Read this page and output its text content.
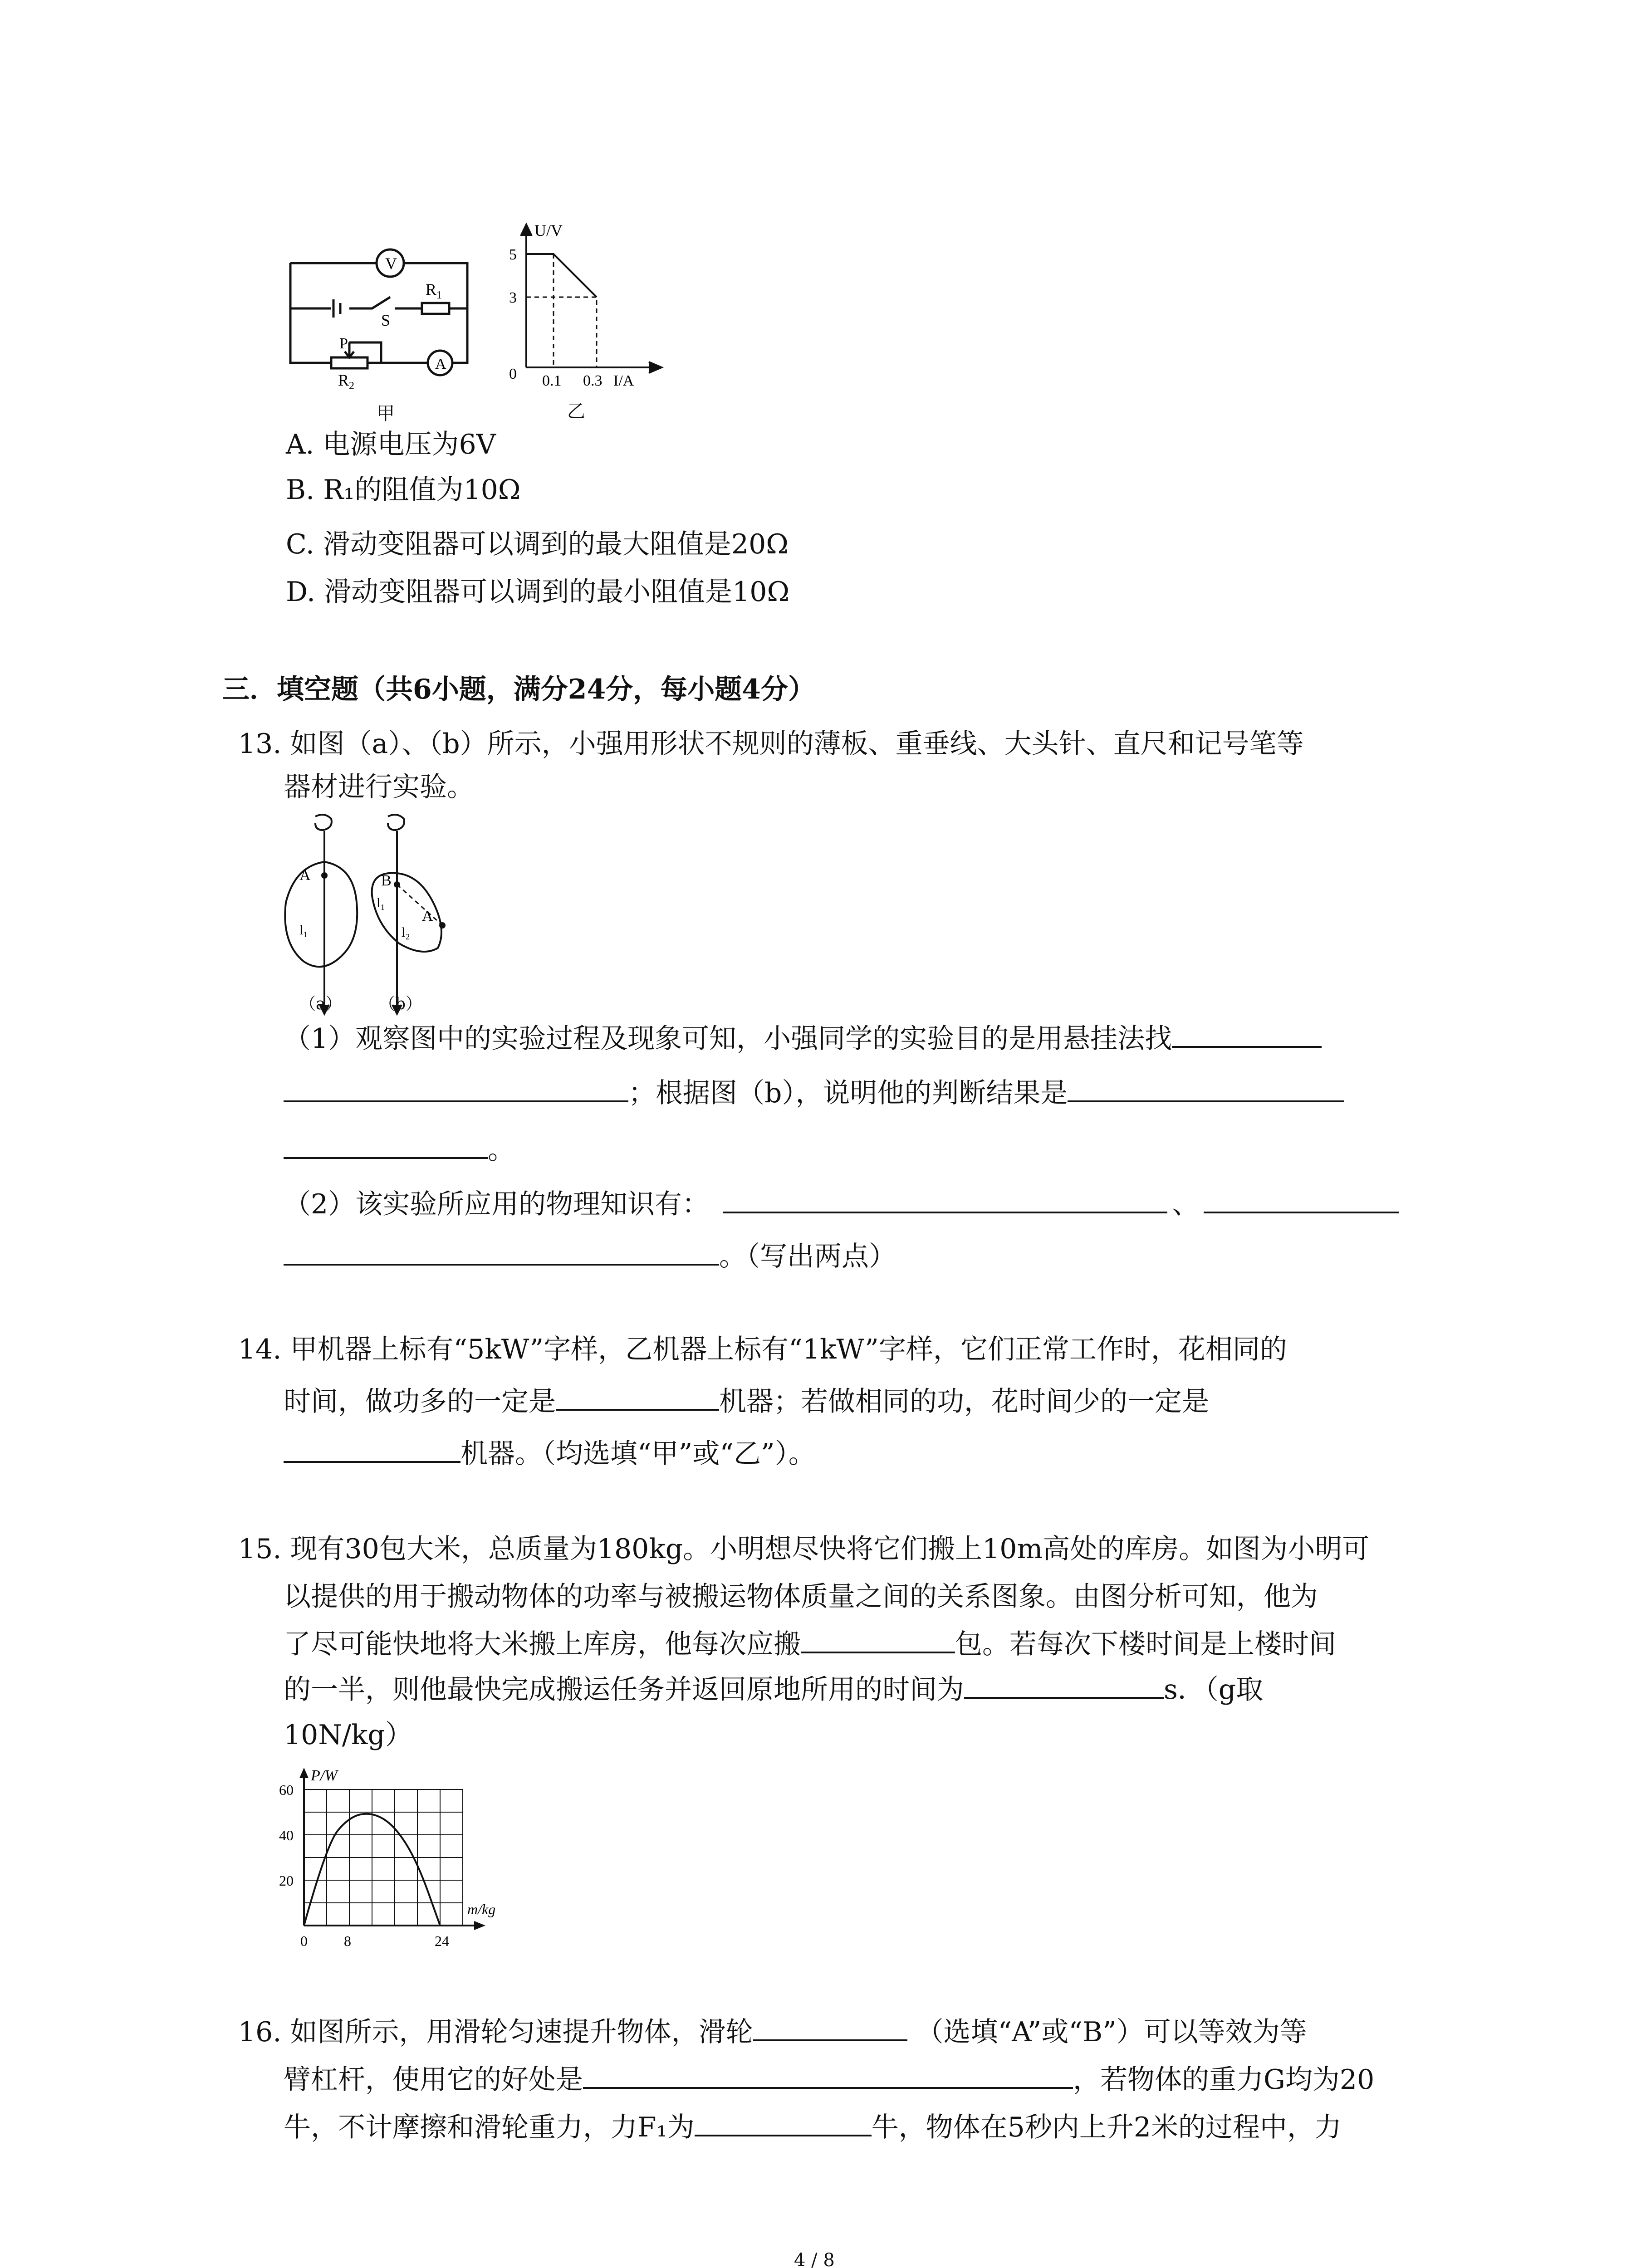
V
A
S
$R_1$
P
$R_2$
甲
U/V
5
3
0 0.1 0.3 I/A
乙
A. 电源电压为6V
B. R₁的阻值为10Ω
C. 滑动变阻器可以调到的最大阻值是20Ω
D. 滑动变阻器可以调到的最小阻值是10Ω
三．填空题（共6小题，满分24分，每小题4分）
13. 如图（a）、（b）所示，小强用形状不规则的薄板、重垂线、大头针、直尺和记号笔等
器材进行实验。
A
l₁
B
l₁
A
l₂
（a） （b）
（1）观察图中的实验过程及现象可知，小强同学的实验目的是用悬挂法找
；根据图（b），说明他的判断结果是
。
（2）该实验所应用的物理知识有：	、
。（写出两点）
14. 甲机器上标有“5kW”字样，乙机器上标有“1kW”字样，它们正常工作时，花相同的
时间，做功多的一定是	机器；若做相同的功，花时间少的一定是
机器。（均选填“甲”或“乙”）。
15. 现有30包大米，总质量为180kg。小明想尽快将它们搬上10m高处的库房。如图为小明可
以提供的用于搬动物体的功率与被搬运物体质量之间的关系图象。由图分析可知，他为
了尽可能快地将大米搬上库房，他每次应搬	包。若每次下楼时间是上楼时间
的一半，则他最快完成搬运任务并返回原地所用的时间为	s．（g取
10N/kg）
P/W
m/kg
60
40
20
0	8	24
16. 如图所示，用滑轮匀速提升物体，滑轮	（选填“A”或“B”）可以等效为等
臂杠杆，使用它的好处是	，若物体的重力G均为20
牛，不计摩擦和滑轮重力，力F₁为	牛，物体在5秒内上升2米的过程中，力
4 / 8
